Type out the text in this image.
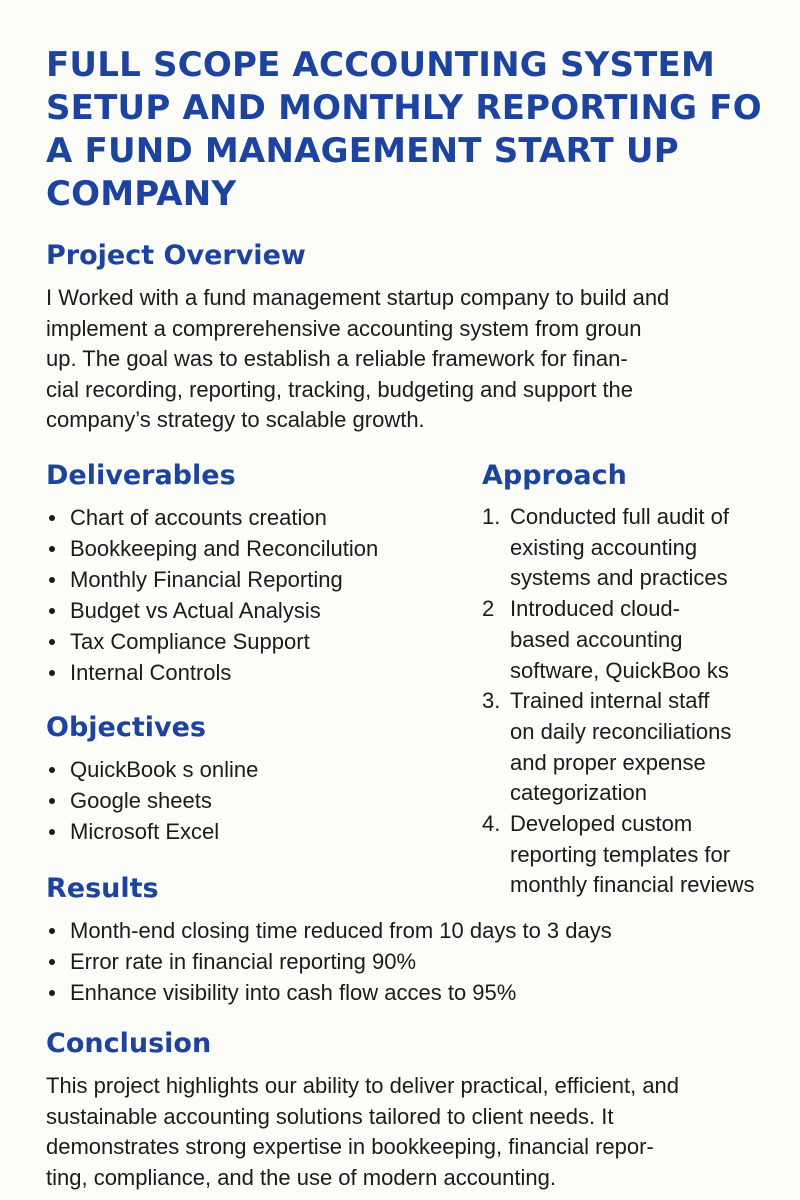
FULL SCOPE ACCOUNTING SYSTEM
SETUP AND MONTHLY REPORTING FO
A FUND MANAGEMENT START UP
COMPANY
Project Overview
I Worked with a fund management startup company to build and
implement a comprerehensive accounting system from groun
up. The goal was to establish a reliable framework for finan-
cial recording, reporting, tracking, budgeting and support the
company’s strategy to scalable growth.
Deliverables
Chart of accounts creation
Bookkeeping and Reconcilution
Monthly Financial Reporting
Budget vs Actual Analysis
Tax Compliance Support
Internal Controls
Approach
1. Conducted full audit of
existing accounting
systems and practices
2 Introduced cloud-
based accounting
software, QuickBoo ks
3. Trained internal staff
on daily reconciliations
and proper expense
categorization
4. Developed custom
reporting templates for
monthly financial reviews
Objectives
QuickBook s online
Google sheets
Microsoft Excel
Results
Month-end closing time reduced from 10 days to 3 days
Error rate in financial reporting 90%
Enhance visibility into cash flow acces to 95%
Conclusion
This project highlights our ability to deliver practical, efficient, and
sustainable accounting solutions tailored to client needs. It
demonstrates strong expertise in bookkeeping, financial repor-
ting, compliance, and the use of modern accounting.
